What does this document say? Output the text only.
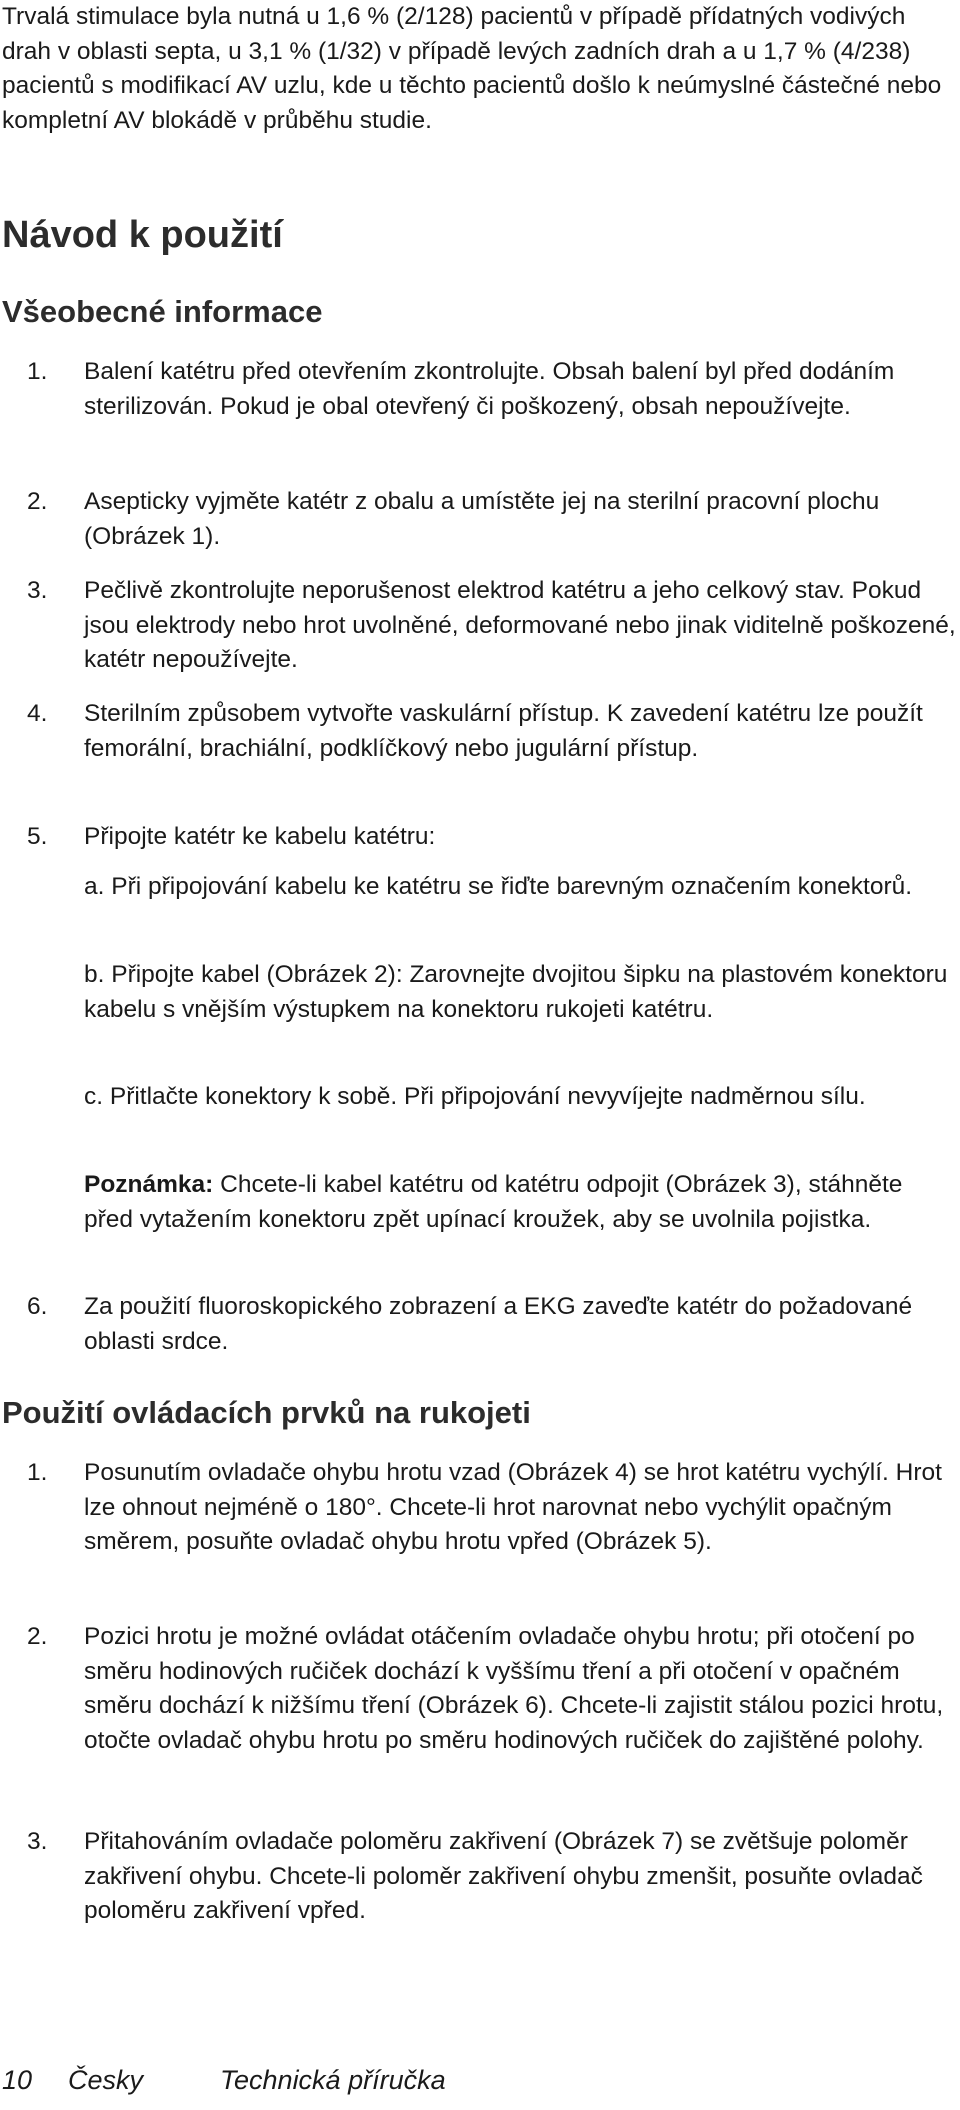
Trvalá stimulace byla nutná u 1,6 % (2/128) pacientů v případě přídatných vodivých drah v oblasti septa, u 3,1 % (1/32) v případě levých zadních drah a u 1,7 % (4/238) pacientů s modifikací AV uzlu, kde u těchto pacientů došlo k neúmyslné částečné nebo kompletní AV blokádě v průběhu studie.

Návod k použití
Všeobecné informace
1. Balení katétru před otevřením zkontrolujte. Obsah balení byl před dodáním sterilizován. Pokud je obal otevřený či poškozený, obsah nepoužívejte.

2. Asepticky vyjměte katétr z obalu a umístěte jej na sterilní pracovní plochu (Obrázek 1).

3. Pečlivě zkontrolujte neporušenost elektrod katétru a jeho celkový stav. Pokud jsou elektrody nebo hrot uvolněné, deformované nebo jinak viditelně poškozené, katétr nepoužívejte.

4. Sterilním způsobem vytvořte vaskulární přístup. K zavedení katétru lze použít femorální, brachiální, podklíčkový nebo jugulární přístup.

5. Připojte katétr ke kabelu katétru:

a. Při připojování kabelu ke katétru se řiďte barevným označením konektorů.

b. Připojte kabel (Obrázek 2): Zarovnejte dvojitou šipku na plastovém konektoru kabelu s vnějším výstupkem na konektoru rukojeti katétru.

c. Přitlačte konektory k sobě. Při připojování nevyvíjejte nadměrnou sílu.

Poznámka: Chcete-li kabel katétru od katétru odpojit (Obrázek 3), stáhněte před vytažením konektoru zpět upínací kroužek, aby se uvolnila pojistka.

6. Za použití fluoroskopického zobrazení a EKG zaveďte katétr do požadované oblasti srdce.

Použití ovládacích prvků na rukojeti
1. Posunutím ovladače ohybu hrotu vzad (Obrázek 4) se hrot katétru vychýlí. Hrot lze ohnout nejméně o 180°. Chcete-li hrot narovnat nebo vychýlit opačným směrem, posuňte ovladač ohybu hrotu vpřed (Obrázek 5).

2. Pozici hrotu je možné ovládat otáčením ovladače ohybu hrotu; při otočení po směru hodinových ručiček dochází k vyššímu tření a při otočení v opačném směru dochází k nižšímu tření (Obrázek 6). Chcete-li zajistit stálou pozici hrotu, otočte ovladač ohybu hrotu po směru hodinových ručiček do zajištěné polohy.

3. Přitahováním ovladače poloměru zakřivení (Obrázek 7) se zvětšuje poloměr zakřivení ohybu. Chcete-li poloměr zakřivení ohybu zmenšit, posuňte ovladač poloměru zakřivení vpřed.

10 Česky	Technická příručka
